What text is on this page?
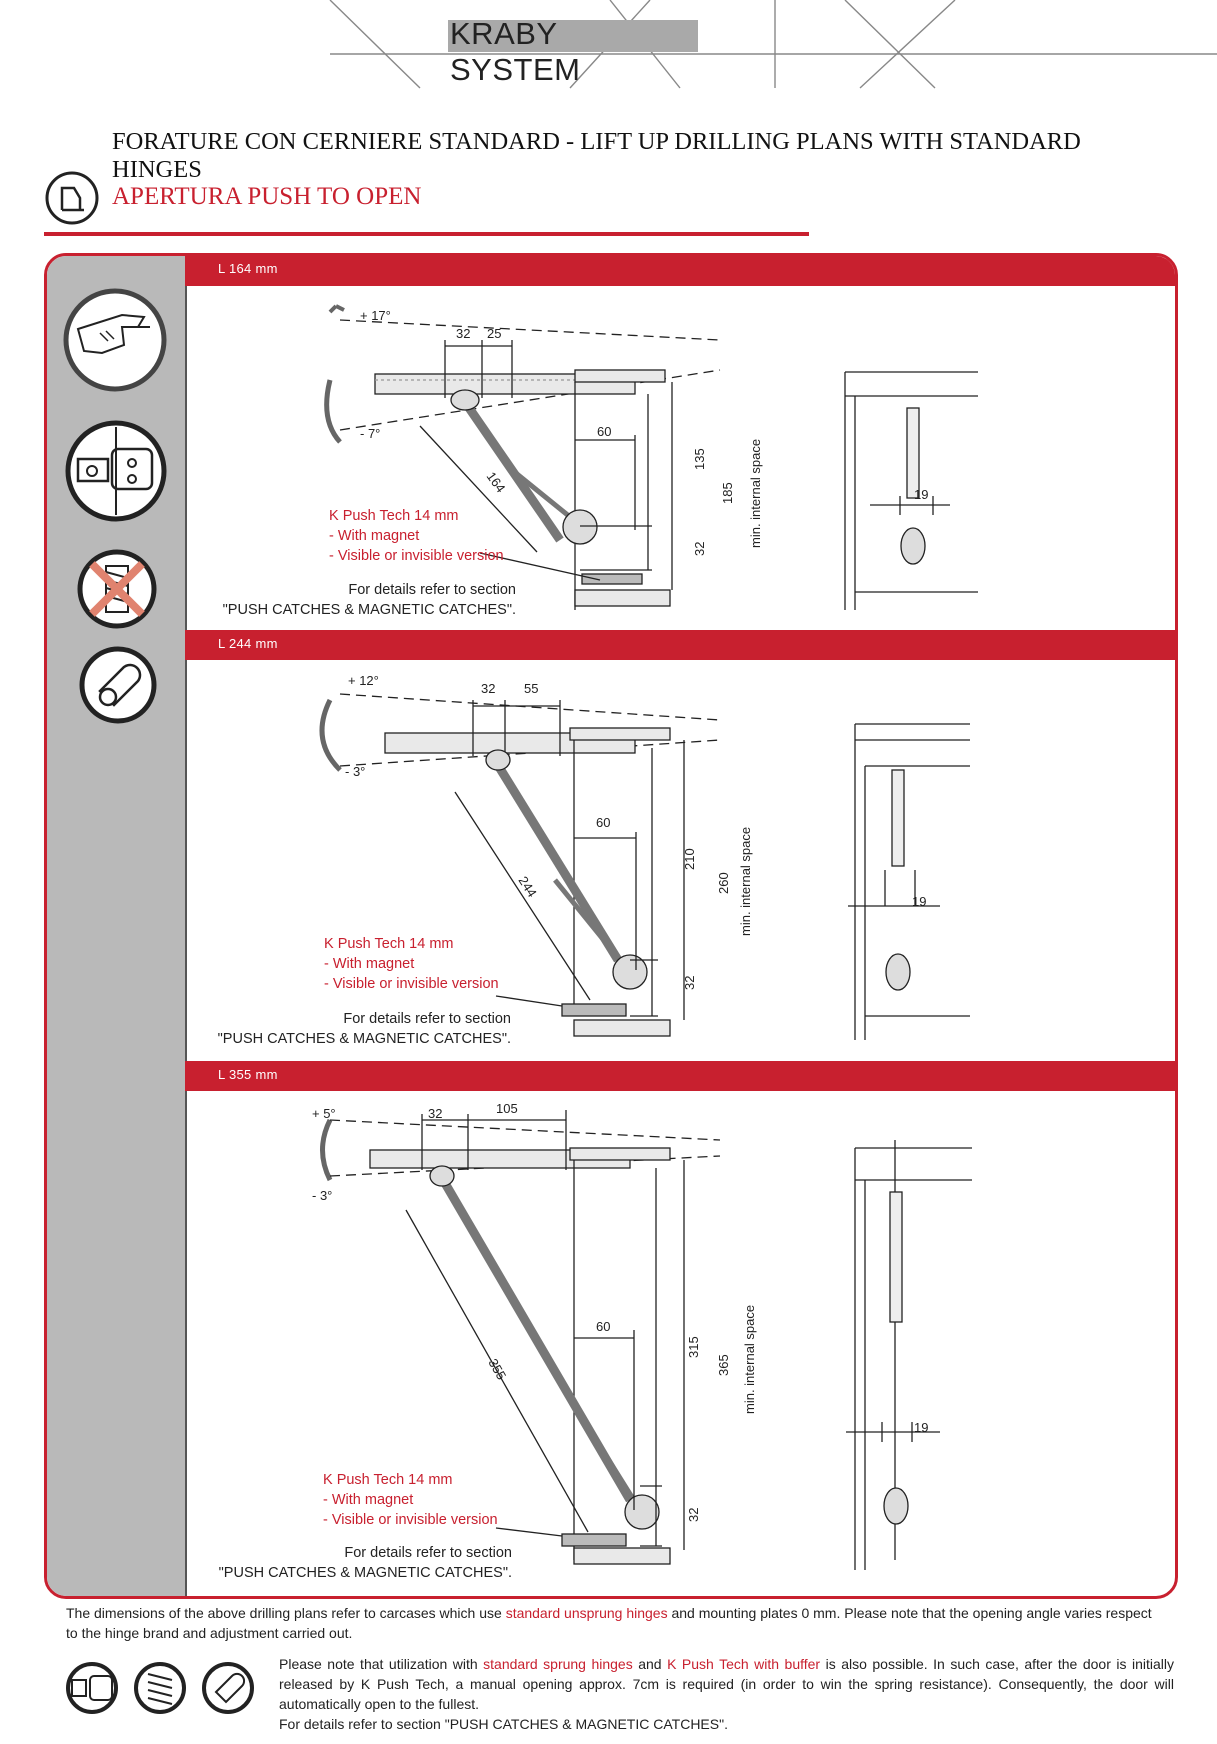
KRABY SYSTEM
FORATURE CON CERNIERE STANDARD - LIFT UP DRILLING PLANS WITH STANDARD
HINGES
APERTURA PUSH TO OPEN
L 164 mm
L 244 mm
L 355 mm
+ 17°
- 7°
32 25
60
164
135
185
32
min. internal space	19
K Push Tech 14 mm
- With magnet
- Visible or invisible version
For details refer to section
"PUSH CATCHES & MAGNETIC CATCHES".
+ 12°
- 3°
32 55
60
244
210
260
32
min. internal space	19
K Push Tech 14 mm
- With magnet
- Visible or invisible version
For details refer to section
"PUSH CATCHES & MAGNETIC CATCHES".
+ 5°
- 3°
32	105
60
355
315
365
32
min. internal space
19
K Push Tech 14 mm
- With magnet
- Visible or invisible version
For details refer to section
"PUSH CATCHES & MAGNETIC CATCHES".
The dimensions of the above drilling plans refer to carcases which use standard unsprung hinges and mounting plates 0 mm. Please note that the opening angle varies respect to the hinge brand and adjustment carried out.
Please note that utilization with standard sprung hinges and K Push Tech with buffer is also possible. In such case, after the door is initially released by K Push Tech, a manual opening approx. 7cm is required (in order to win the spring resistance). Consequently, the door will automatically open to the fullest.
For details refer to section "PUSH CATCHES & MAGNETIC CATCHES".
